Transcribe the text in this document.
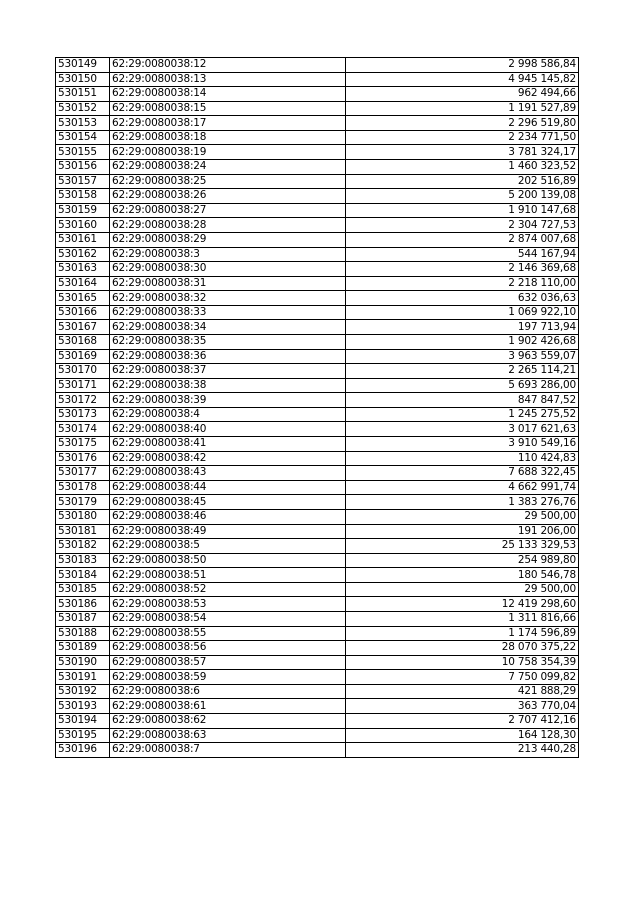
530149	62:29:0080038:12	2 998 586,84
530150	62:29:0080038:13	4 945 145,82
530151	62:29:0080038:14	962 494,66
530152	62:29:0080038:15	1 191 527,89
530153	62:29:0080038:17	2 296 519,80
530154	62:29:0080038:18	2 234 771,50
530155	62:29:0080038:19	3 781 324,17
530156	62:29:0080038:24	1 460 323,52
530157	62:29:0080038:25	202 516,89
530158	62:29:0080038:26	5 200 139,08
530159	62:29:0080038:27	1 910 147,68
530160	62:29:0080038:28	2 304 727,53
530161	62:29:0080038:29	2 874 007,68
530162	62:29:0080038:3	544 167,94
530163	62:29:0080038:30	2 146 369,68
530164	62:29:0080038:31	2 218 110,00
530165	62:29:0080038:32	632 036,63
530166	62:29:0080038:33	1 069 922,10
530167	62:29:0080038:34	197 713,94
530168	62:29:0080038:35	1 902 426,68
530169	62:29:0080038:36	3 963 559,07
530170	62:29:0080038:37	2 265 114,21
530171	62:29:0080038:38	5 693 286,00
530172	62:29:0080038:39	847 847,52
530173	62:29:0080038:4	1 245 275,52
530174	62:29:0080038:40	3 017 621,63
530175	62:29:0080038:41	3 910 549,16
530176	62:29:0080038:42	110 424,83
530177	62:29:0080038:43	7 688 322,45
530178	62:29:0080038:44	4 662 991,74
530179	62:29:0080038:45	1 383 276,76
530180	62:29:0080038:46	29 500,00
530181	62:29:0080038:49	191 206,00
530182	62:29:0080038:5	25 133 329,53
530183	62:29:0080038:50	254 989,80
530184	62:29:0080038:51	180 546,78
530185	62:29:0080038:52	29 500,00
530186	62:29:0080038:53	12 419 298,60
530187	62:29:0080038:54	1 311 816,66
530188	62:29:0080038:55	1 174 596,89
530189	62:29:0080038:56	28 070 375,22
530190	62:29:0080038:57	10 758 354,39
530191	62:29:0080038:59	7 750 099,82
530192	62:29:0080038:6	421 888,29
530193	62:29:0080038:61	363 770,04
530194	62:29:0080038:62	2 707 412,16
530195	62:29:0080038:63	164 128,30
530196	62:29:0080038:7	213 440,28
